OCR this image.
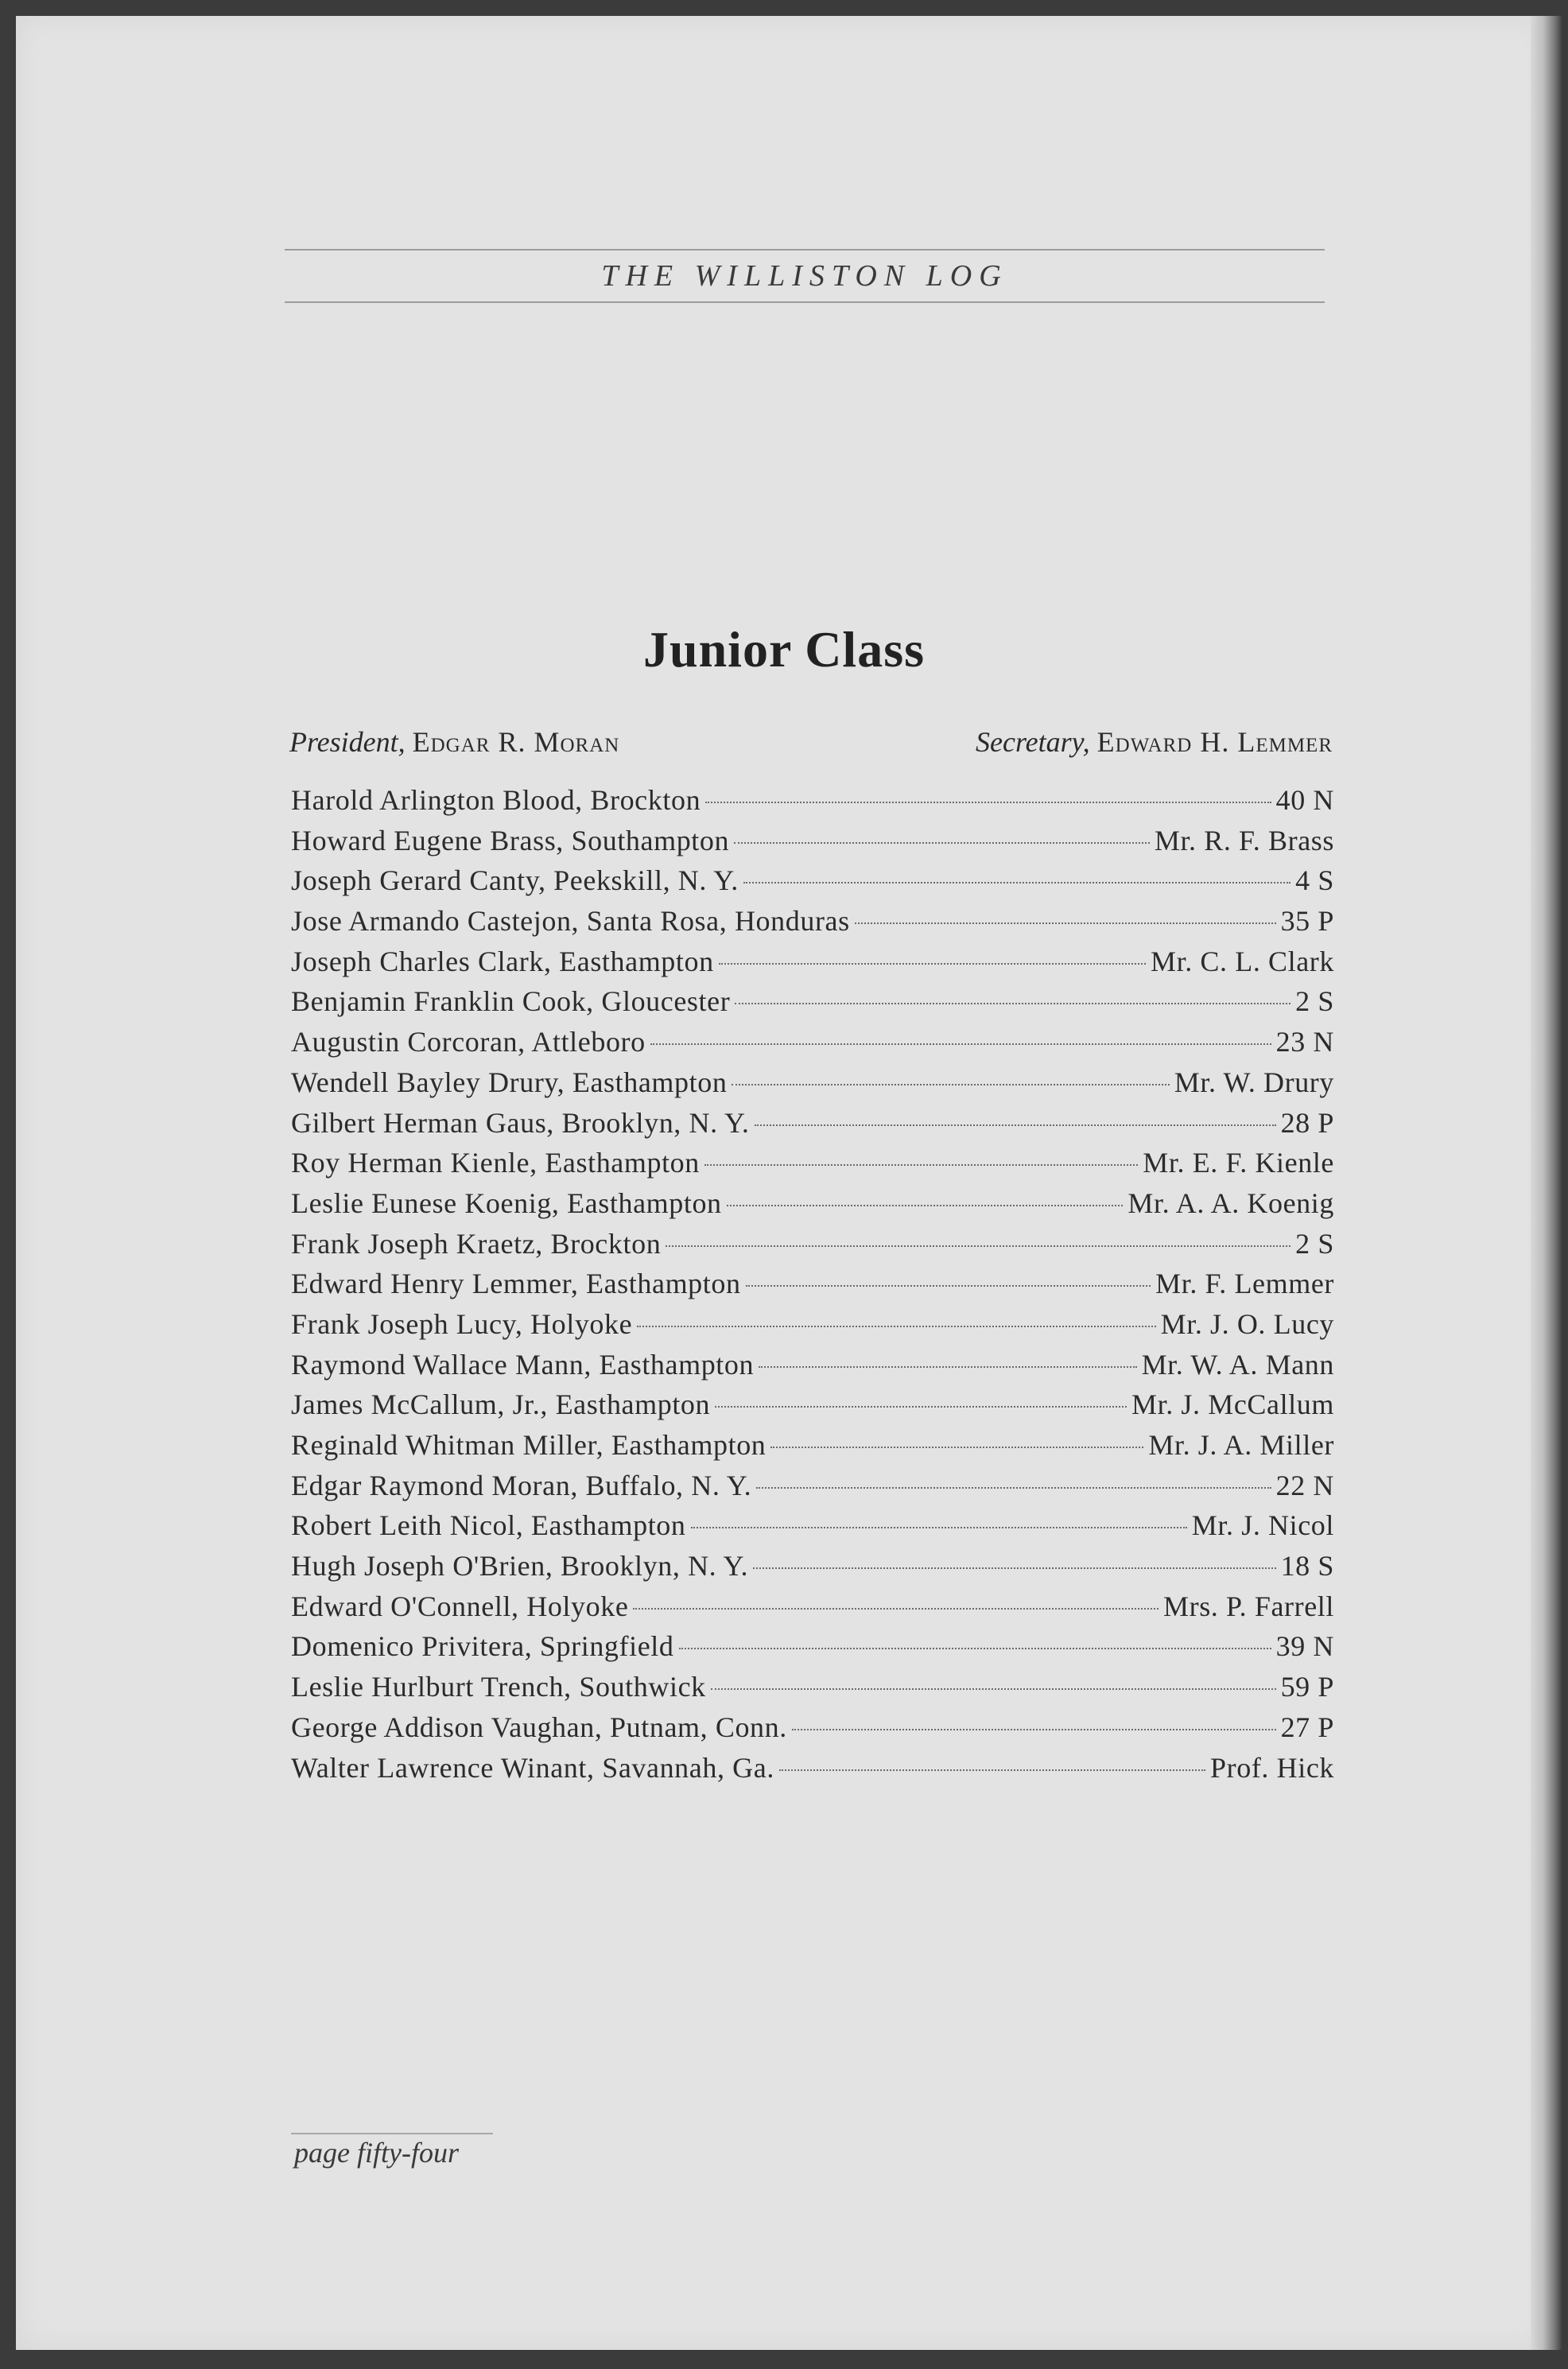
THE WILLISTON LOG
Junior Class
President, Edgar R. Moran	Secretary, Edward H. Lemmer
Harold Arlington Blood, Brockton	40 N
Howard Eugene Brass, Southampton	Mr. R. F. Brass
Joseph Gerard Canty, Peekskill, N. Y.	4 S
Jose Armando Castejon, Santa Rosa, Honduras	35 P
Joseph Charles Clark, Easthampton	Mr. C. L. Clark
Benjamin Franklin Cook, Gloucester	2 S
Augustin Corcoran, Attleboro	23 N
Wendell Bayley Drury, Easthampton	Mr. W. Drury
Gilbert Herman Gaus, Brooklyn, N. Y.	28 P
Roy Herman Kienle, Easthampton	Mr. E. F. Kienle
Leslie Eunese Koenig, Easthampton	Mr. A. A. Koenig
Frank Joseph Kraetz, Brockton	2 S
Edward Henry Lemmer, Easthampton	Mr. F. Lemmer
Frank Joseph Lucy, Holyoke	Mr. J. O. Lucy
Raymond Wallace Mann, Easthampton	Mr. W. A. Mann
James McCallum, Jr., Easthampton	Mr. J. McCallum
Reginald Whitman Miller, Easthampton	Mr. J. A. Miller
Edgar Raymond Moran, Buffalo, N. Y.	22 N
Robert Leith Nicol, Easthampton	Mr. J. Nicol
Hugh Joseph O'Brien, Brooklyn, N. Y.	18 S
Edward O'Connell, Holyoke	Mrs. P. Farrell
Domenico Privitera, Springfield	39 N
Leslie Hurlburt Trench, Southwick	59 P
George Addison Vaughan, Putnam, Conn.	27 P
Walter Lawrence Winant, Savannah, Ga.	Prof. Hick
page fifty-four
